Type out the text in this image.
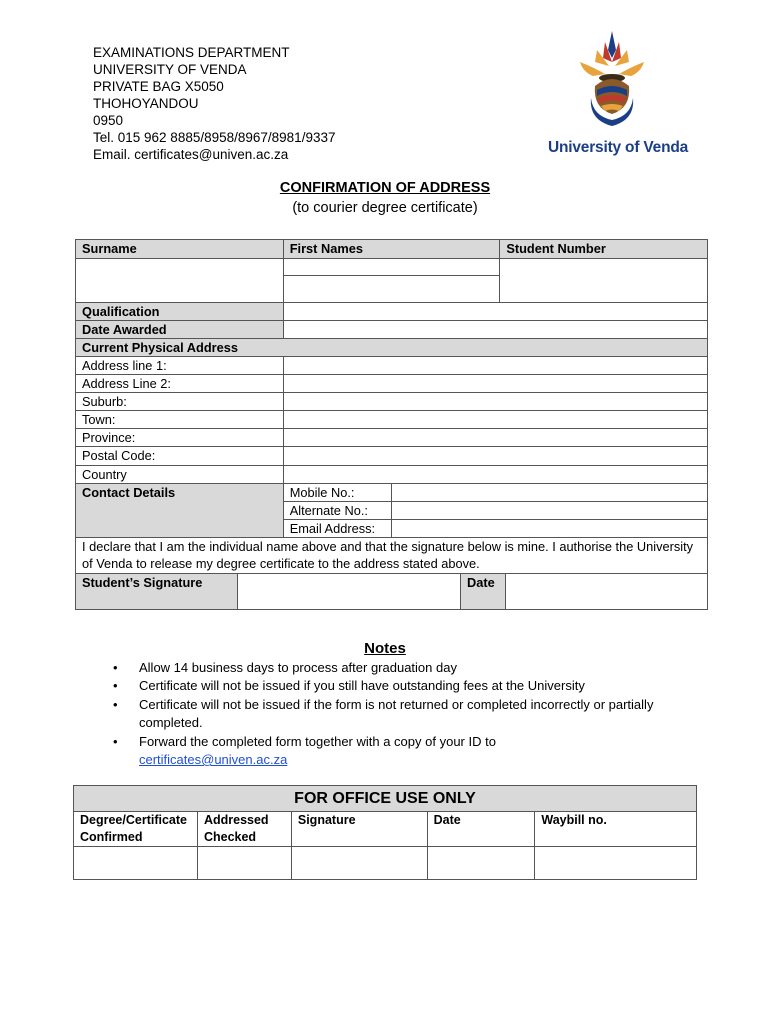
EXAMINATIONS DEPARTMENT
UNIVERSITY OF VENDA
PRIVATE BAG X5050
THOHOYANDOU
0950
Tel. 015 962 8885/8958/8967/8981/9337
Email. certificates@univen.ac.za	University of Venda
CONFIRMATION OF ADDRESS
(to courier degree certificate)
Surname	First Names		Student Number

Qualification			
Date Awarded			
Current Physical Address			
Address line 1:			
Address Line 2:			
Suburb:			
Town:			
Province:			
Postal Code:			
Country			
Contact Details	Mobile No.:		
	Alternate No.:		
	Email Address:		
I declare that I am the individual name above and that the signature below is mine. I authorise the University of Venda to release my degree certificate to the address stated above.			

Student’s Signature Date			
Notes
• Allow 14 business days to process after graduation day
• Certificate will not be issued if you still have outstanding fees at the University
• Certificate will not be issued if the form is not returned or completed incorrectly or partially completed.
• Forward the completed form together with a copy of your ID to
certificates@univen.ac.za
FOR OFFICE USE ONLY				
Degree/Certificate Confirmed	Addressed Checked	Signature	Date	Waybill no.
